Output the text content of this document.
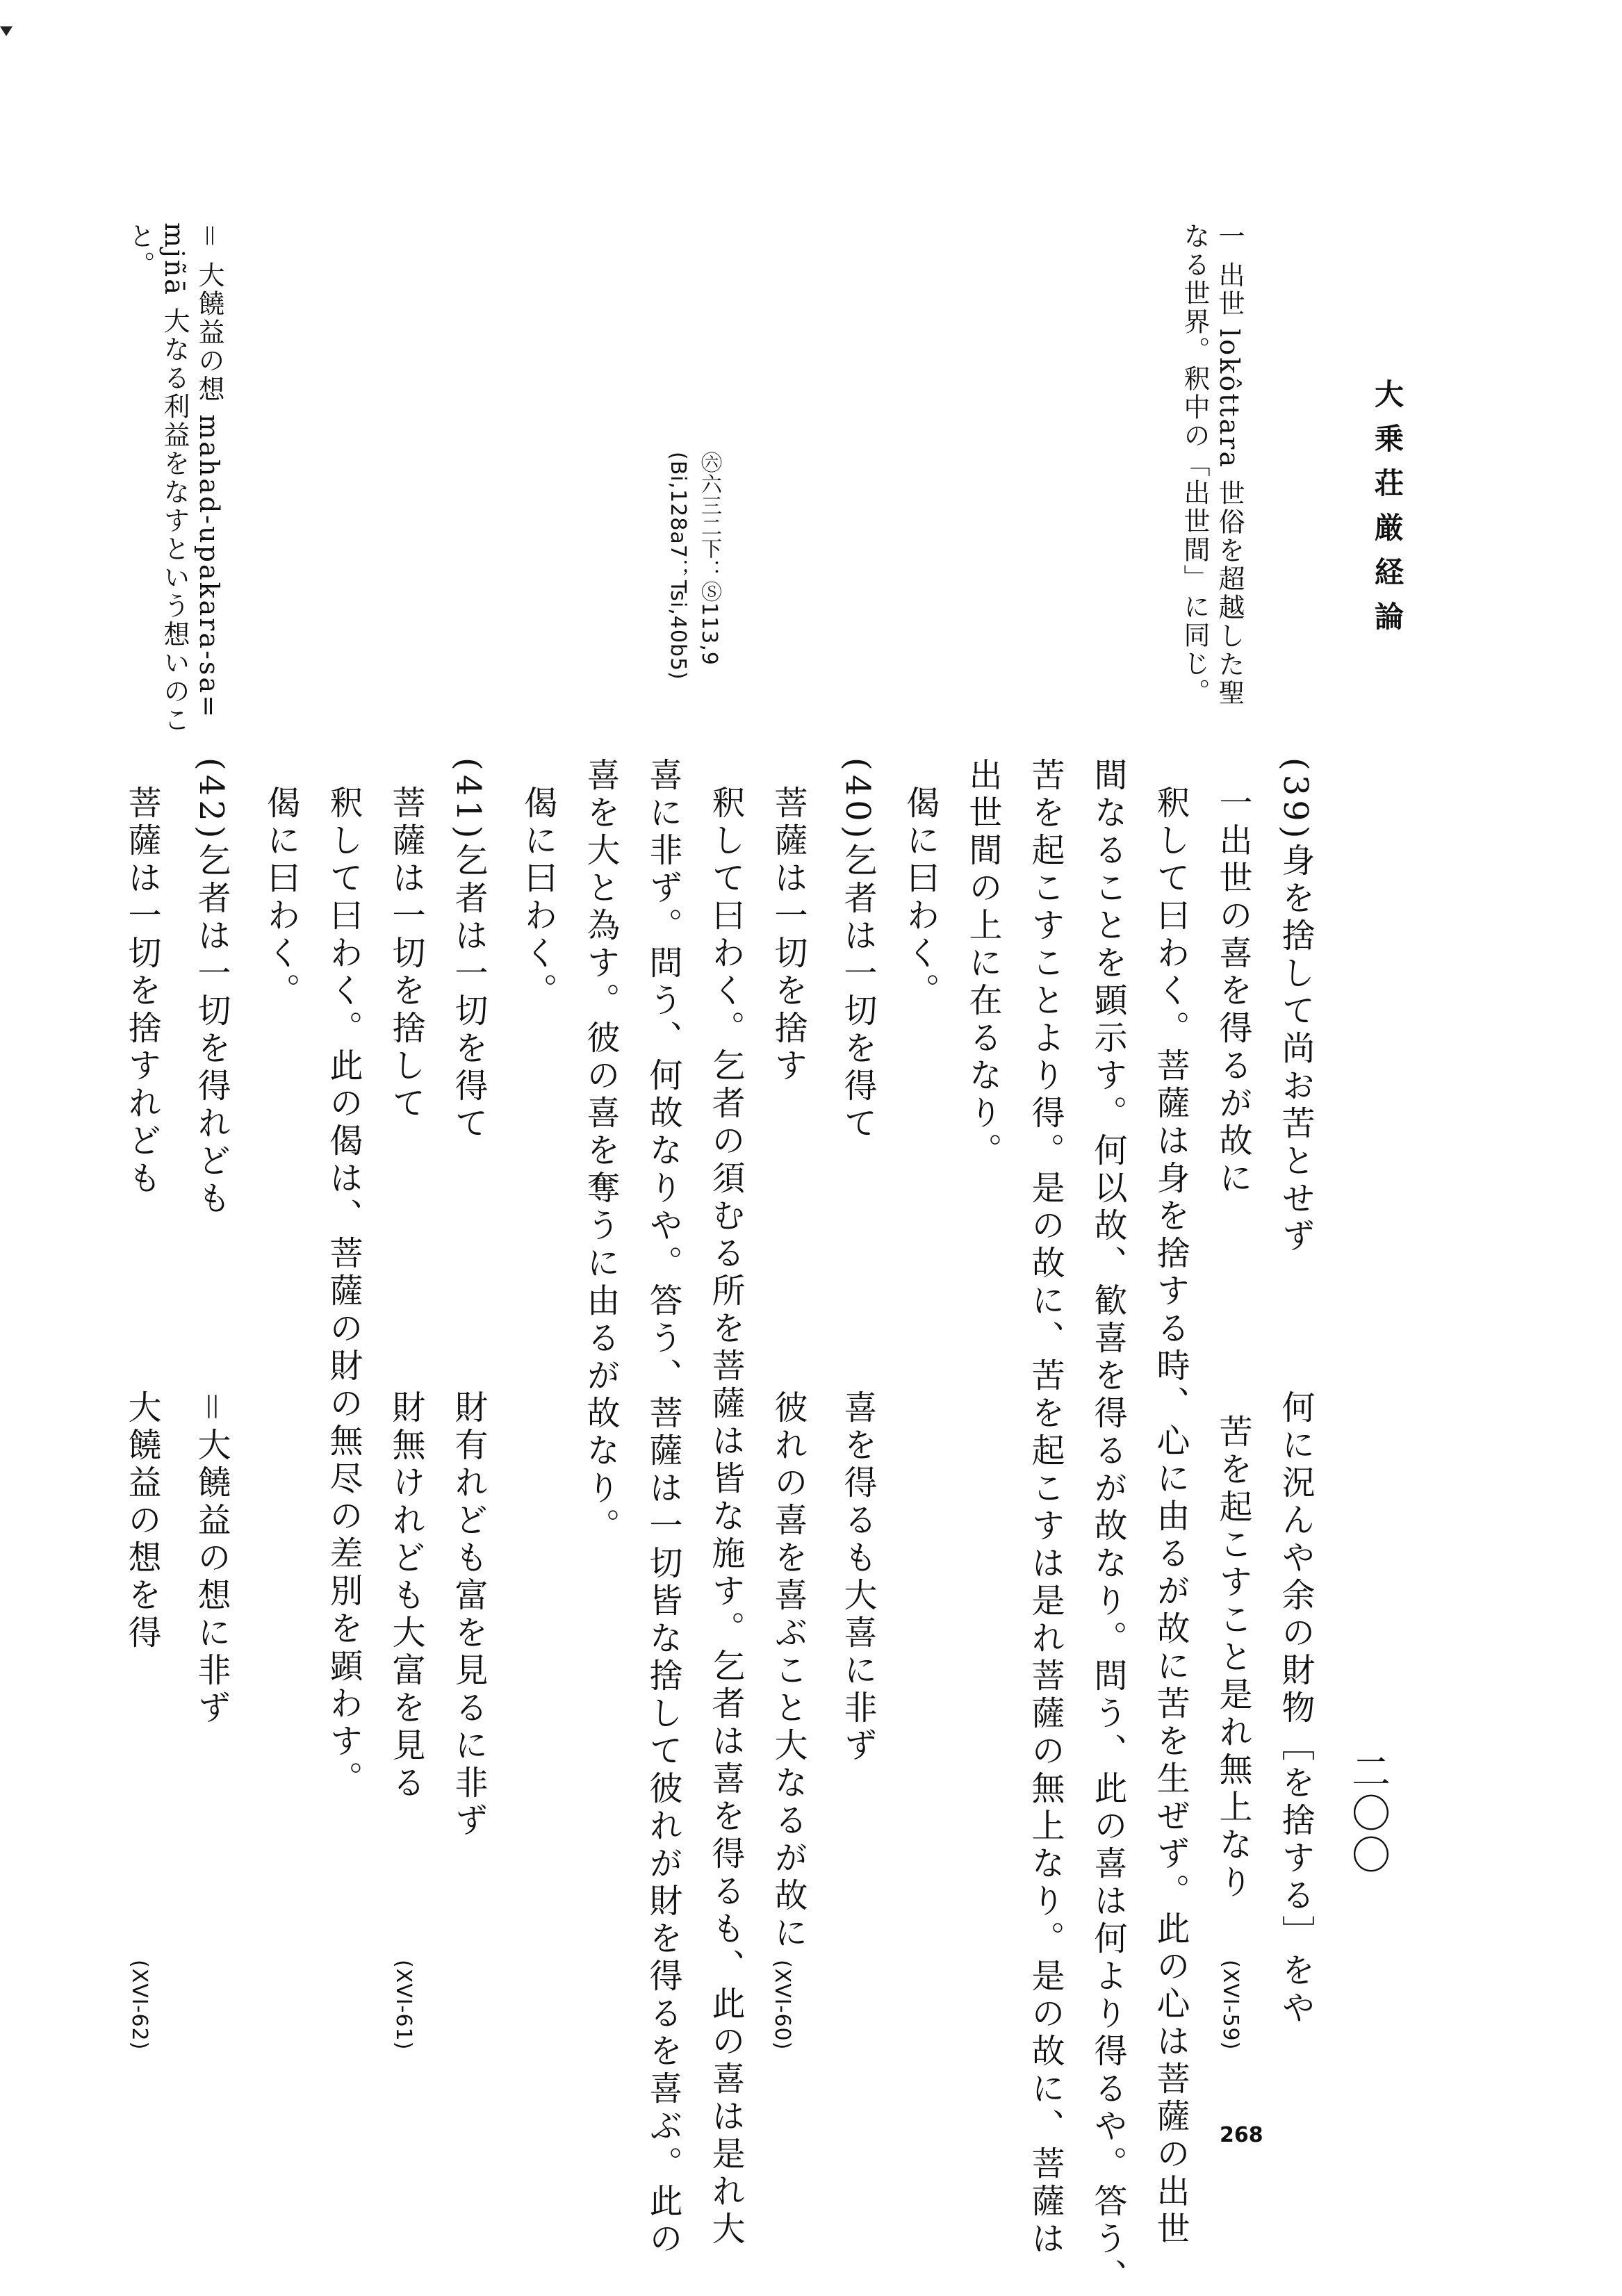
大乗荘厳経論
一 出世 lokôttara 世俗を超越した聖
なる世界。釈中の「出世間」に同じ。
㊅六三二下：Ⓢ113,9
(Bi,128a7；Tsi,40b5)
＝ 大饒益の想 mahad-upakara-sa=
mjñā 大なる利益をなすという想いのこ
と。
二〇〇
(39)身を捨して尚お苦とせず
何に況んや余の財物［を捨する］をや
一出世の喜を得るが故に
苦を起こすこと是れ無上なり
(XVI-59)
釈して曰わく。菩薩は身を捨する時、心に由るが故に苦を生ぜず。此の心は菩薩の出世
間なることを顕示す。何以故、歓喜を得るが故なり。問う、此の喜は何より得るや。答う、
苦を起こすことより得。是の故に、苦を起こすは是れ菩薩の無上なり。是の故に、菩薩は
出世間の上に在るなり。
偈に曰わく。
(40)乞者は一切を得て
喜を得るも大喜に非ず
菩薩は一切を捨す
彼れの喜を喜ぶこと大なるが故に
(XVI-60)
釈して曰わく。乞者の須むる所を菩薩は皆な施す。乞者は喜を得るも、此の喜は是れ大
喜に非ず。問う、何故なりや。答う、菩薩は一切皆な捨して彼れが財を得るを喜ぶ。此の
喜を大と為す。彼の喜を奪うに由るが故なり。
偈に曰わく。
(41)乞者は一切を得て
財有れども富を見るに非ず
菩薩は一切を捨して
財無けれども大富を見る
(XVI-61)
釈して曰わく。此の偈は、菩薩の財の無尽の差別を顕わす。
偈に曰わく。
(42)乞者は一切を得れども
＝大饒益の想に非ず
菩薩は一切を捨すれども
大饒益の想を得
(XVI-62)
268
